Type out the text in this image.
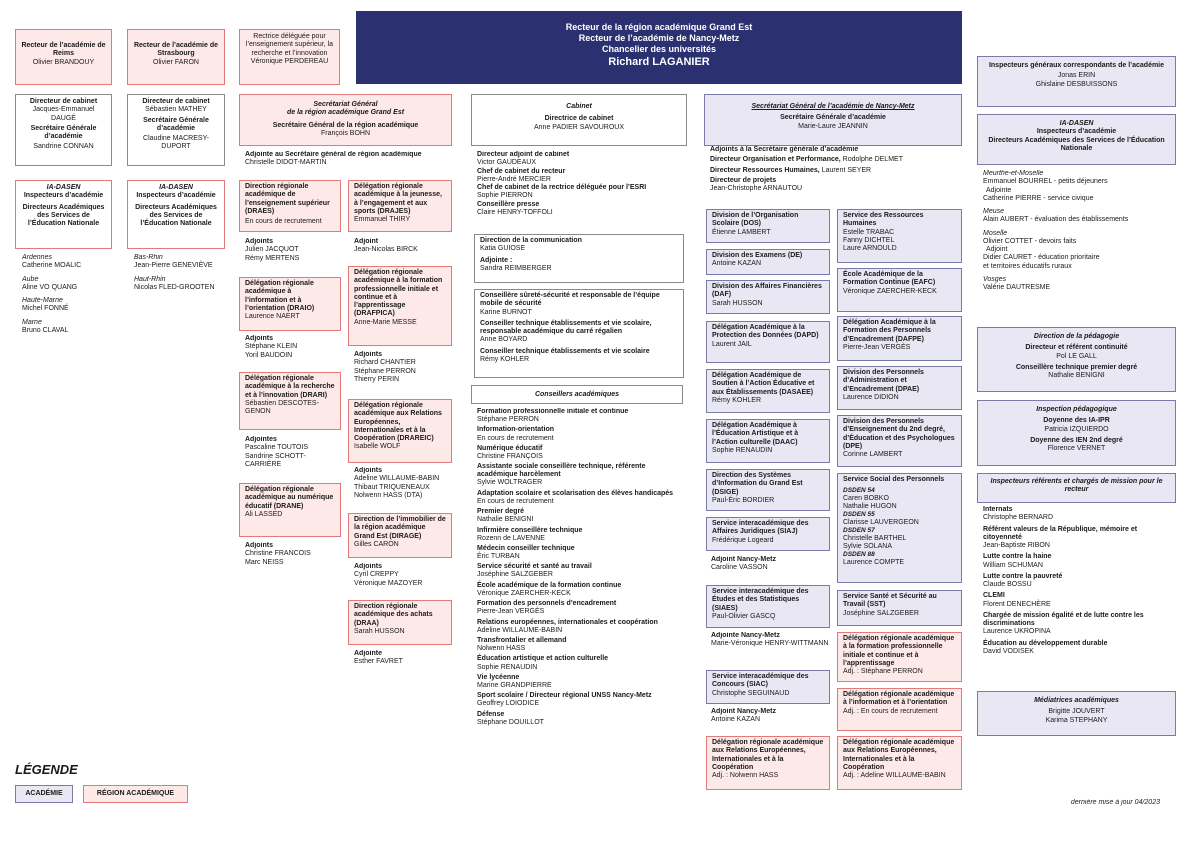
Recteur de la région académique Grand Est
Recteur de l’académie de Nancy-Metz
Chancelier des universités
Richard LAGANIER
Recteur de l’académie de Reims
Olivier BRANDOUY
Recteur de l’académie de Strasbourg
Olivier FARON
Rectrice déléguée pour l’enseignement supérieur, la recherche et l’innovation
Véronique PERDEREAU
Directeur de cabinet
Jacques-Emmanuel DAUGÉ
Secrétaire Générale d’académie
Sandrine CONNAN
Directeur de cabinet
Sébastien MATHEY
Secrétaire Générale d’académie
Claudine MACRESY-DUPORT
IA-DASEN
Inspecteurs d’académie
Directeurs Académiques des Services de l’Éducation Nationale
IA-DASEN
Inspecteurs d’académie
Directeurs Académiques des Services de l’Éducation Nationale
Ardennes
Catherine MOALIC
Aube
Aline VO QUANG
Haute-Marne
Michel FONNÉ
Marne
Bruno CLAVAL
Bas-Rhin
Jean-Pierre GENEVIÈVE
Haut-Rhin
Nicolas FLED-GROOTEN
LÉGENDE
ACADÉMIE	RÉGION ACADÉMIQUE
Secrétariat Général
de la région académique Grand Est
Secrétaire Général de la région académique
François BOHN
Adjointe au Secrétaire général de région académique
Christelle DIDOT-MARTIN
Direction régionale académique de l’enseignement supérieur (DRAES)
En cours de recrutement
Adjoints
Julien JACQUOT
Rémy MERTENS
Délégation régionale académique à l’information et à l’orientation (DRAIO)
Laurence NAERT
Adjoints
Stéphane KLEIN
Yoril BAUDOIN
Délégation régionale académique à la recherche et à l’innovation (DRARI)
Sébastien DESCOTES-GENON
Adjointes
Pascaline TOUTOIS
Sandrine SCHOTT-CARRIÈRE
Délégation régionale académique au numérique éducatif (DRANE)
Ali LASSED
Adjoints
Christine FRANCOIS
Marc NEISS
Délégation régionale académique à la jeunesse, à l’engagement et aux sports (DRAJES)
Emmanuel THIRY
Adjoint
Jean-Nicolas BIRCK
Délégation régionale académique à la formation professionnelle initiale et continue et à l’apprentissage (DRAFPICA)
Anne-Marie MESSE
Adjoints
Richard CHANTIER
Stéphane PERRON
Thierry PERIN
Délégation régionale académique aux Relations Européennes, Internationales et à la Coopération (DRAREIC)
Isabelle WOLF
Adjoints
Adeline WILLAUME-BABIN
Thibaut TRIQUENEAUX
Nolwenn HASS (DTA)
Direction de l’immobilier de la région académique Grand Est (DIRAGE)
Gilles CARON
Adjoints
Cyril CREPPY
Véronique MAZOYER
Direction régionale académique des achats (DRAA)
Sarah HUSSON
Adjointe
Esther FAVRET
Cabinet
Directrice de cabinet
Anne PADIER SAVOUROUX
Directeur adjoint de cabinet
Victor GAUDEAUX
Chef de cabinet du recteur
Pierre-André MERCIER
Chef de cabinet de la rectrice déléguée pour l’ESRI
Sophie PIERRON
Conseillère presse
Claire HENRY-TOFFOLI
Direction de la communication
Katia GUIOSE
Adjointe :
Sandra REIMBERGER
Conseillère sûreté-sécurité et responsable de l’équipe mobile de sécurité
Karine BURNOT
Conseiller technique établissements et vie scolaire, responsable académique du carré régalien
Anne BOYARD
Conseiller technique établissements et vie scolaire
Rémy KOHLER
Conseillers académiques
Formation professionnelle initiale et continue
Stéphane PERRON
Information-orientation
En cours de recrutement
Numérique éducatif
Christine FRANÇOIS
Assistante sociale conseillère technique, référente académique harcèlement
Sylvie WOLTRAGER
Adaptation scolaire et scolarisation des élèves handicapés
En cours de recrutement
Premier degré
Nathalie BENIGNI
Infirmière conseillère technique
Rozenn de LAVENNE
Médecin conseiller technique
Éric TURBAN
Service sécurité et santé au travail
Joséphine SALZGEBER
École académique de la formation continue
Véronique ZAERCHER-KECK
Formation des personnels d’encadrement
Pierre-Jean VERGÈS
Relations européennes, internationales et coopération
Adeline WILLAUME-BABIN
Transfrontalier et allemand
Nolwenn HASS
Éducation artistique et action culturelle
Sophie RENAUDIN
Vie lycéenne
Marine GRANDPIERRE
Sport scolaire / Directeur régional UNSS Nancy-Metz
Geoffrey LOIODICE
Défense
Stéphane DOUILLOT
Secrétariat Général de l’académie de Nancy-Metz
Secrétaire Générale d’académie
Marie-Laure JEANNIN
Adjoints à la Secrétaire générale d’académie
Directeur Organisation et Performance, Rodolphe DELMET
Directeur Ressources Humaines, Laurent SEYER
Directeur de projets
Jean-Christophe ARNAUTOU
Division de l’Organisation Scolaire (DOS)
Étienne LAMBERT
Division des Examens (DE)
Antoine KAZAN
Division des Affaires Financières (DAF)
Sarah HUSSON
Délégation Académique à la Protection des Données (DAPD)
Laurent JAIL
Délégation Académique de Soutien à l’Action Éducative et aux Établissements (DASAEE)
Rémy KOHLER
Délégation Académique à l’Éducation Artistique et à l’Action culturelle (DAAC)
Sophie RENAUDIN
Direction des Systèmes d’Information du Grand Est (DSIGE)
Paul-Éric BORDIER
Service interacadémique des Affaires Juridiques (SIAJ)
Frédérique Logeard
Adjoint Nancy-Metz
Caroline VASSON
Service interacadémique des Études et des Statistiques (SIAES)
Paul-Olivier GASCQ
Adjointe Nancy-Metz
Marie-Véronique HENRY-WITTMANN
Service interacadémique des Concours (SIAC)
Christophe SEGUINAUD
Adjoint Nancy-Metz
Antoine KAZAN
Délégation régionale académique aux Relations Européennes, Internationales et à la Coopération
Adj. : Nolwenn HASS
Service des Ressources Humaines
Estelle TRABAC
Fanny DICHTEL
Laure ARNOULD
École Académique de la Formation Continue (EAFC)
Véronique ZAERCHER-KECK
Délégation Académique à la Formation des Personnels d’Encadrement (DAFPE)
Pierre-Jean VERGÈS
Division des Personnels d’Administration et d’Encadrement (DPAE)
Laurence DIDION
Division des Personnels d’Enseignement du 2nd degré, d’Éducation et des Psychologues (DPE)
Corinne LAMBERT
Service Social des Personnels
DSDEN 54
Caren BOBKO
Nathalie HUGON
DSDEN 55
Clarisse LAUVERGEON
DSDEN 57
Christelle BARTHEL
Sylvie SOLANA
DSDEN 88
Laurence COMPTE
Service Santé et Sécurité au Travail (SST)
Joséphine SALZGEBER
Délégation régionale académique à la formation professionnelle initiale et continue et à l’apprentissage
Adj. : Stéphane PERRON
Délégation régionale académique à l’information et à l’orientation
Adj. : En cours de recrutement
Délégation régionale académique aux Relations Européennes, Internationales et à la Coopération
Adj. : Adeline WILLAUME-BABIN
Inspecteurs généraux correspondants de l’académie
Jonas ERIN
Ghislaine DESBUISSONS
IA-DASEN
Inspecteurs d’académie
Directeurs Académiques des Services de l’Éducation Nationale
Meurthe-et-Moselle
Emmanuel BOURREL - petits déjeuners
Adjointe
Catherine PIERRE - service civique
Meuse
Alain AUBERT - évaluation des établissements
Moselle
Olivier COTTET - devoirs faits
Adjoint
Didier CAURET - éducation prioritaire
et territoires éducatifs ruraux
Vosges
Valérie DAUTRESME
Direction de la pédagogie
Directeur et référent continuité
Pol LE GALL
Conseillère technique premier degré
Nathalie BENIGNI
Inspection pédagogique
Doyenne des IA-IPR
Patricia IZQUIERDO
Doyenne des IEN 2nd degré
Florence VERNET
Inspecteurs référents et chargés de mission pour le recteur
Internats
Christophe BERNARD
Référent valeurs de la République, mémoire et citoyenneté
Jean-Baptiste RIBON
Lutte contre la haine
William SCHUMAN
Lutte contre la pauvreté
Claude BOSSU
CLEMI
Florent DENECHÈRE
Chargée de mission égalité et de lutte contre les discriminations
Laurence UKROPINA
Éducation au développement durable
David VODISEK
Médiatrices académiques
Brigitte JOUVERT
Karima STEPHANY
dernière mise à jour 04/2023
